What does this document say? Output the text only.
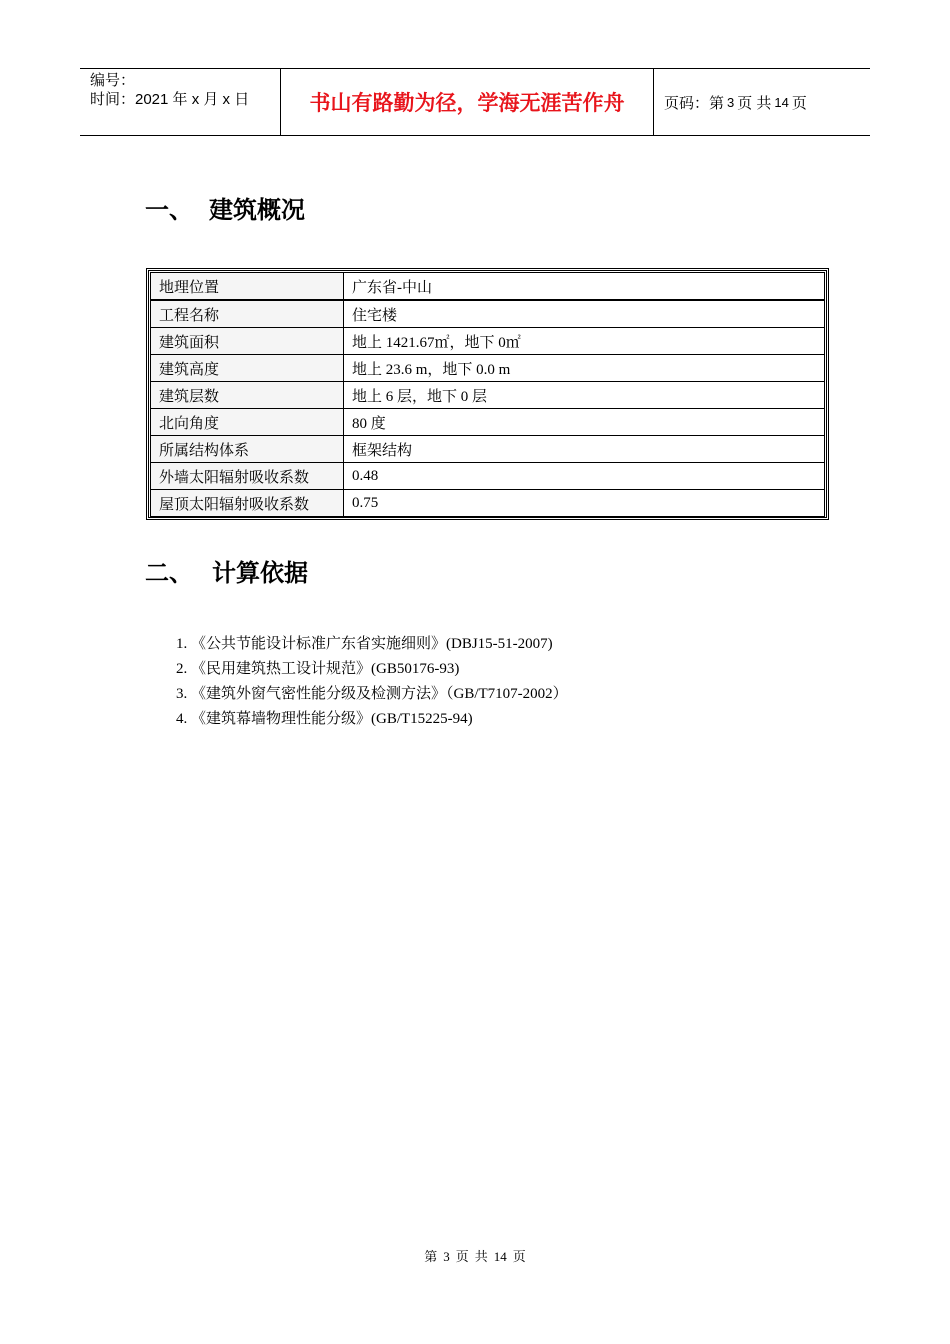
编号：
时间：2021 年 x 月 x 日	书山有路勤为径，学海无涯苦作舟	页码：第 3 页 共 14 页
一、 建筑概况
地理位置	广东省-中山
工程名称	住宅楼
建筑面积	地上 1421.67㎡，地下 0㎡
建筑高度	地上 23.6 m，地下 0.0 m
建筑层数	地上 6 层，地下 0 层
北向角度	80 度
所属结构体系	框架结构
外墙太阳辐射吸收系数	0.48
屋顶太阳辐射吸收系数	0.75
二、 计算依据
1. 《公共节能设计标准广东省实施细则》(DBJ15-51-2007)
2. 《民用建筑热工设计规范》(GB50176-93)
3. 《建筑外窗气密性能分级及检测方法》（GB/T7107-2002）
4. 《建筑幕墙物理性能分级》(GB/T15225-94)
第 3 页 共 14 页
